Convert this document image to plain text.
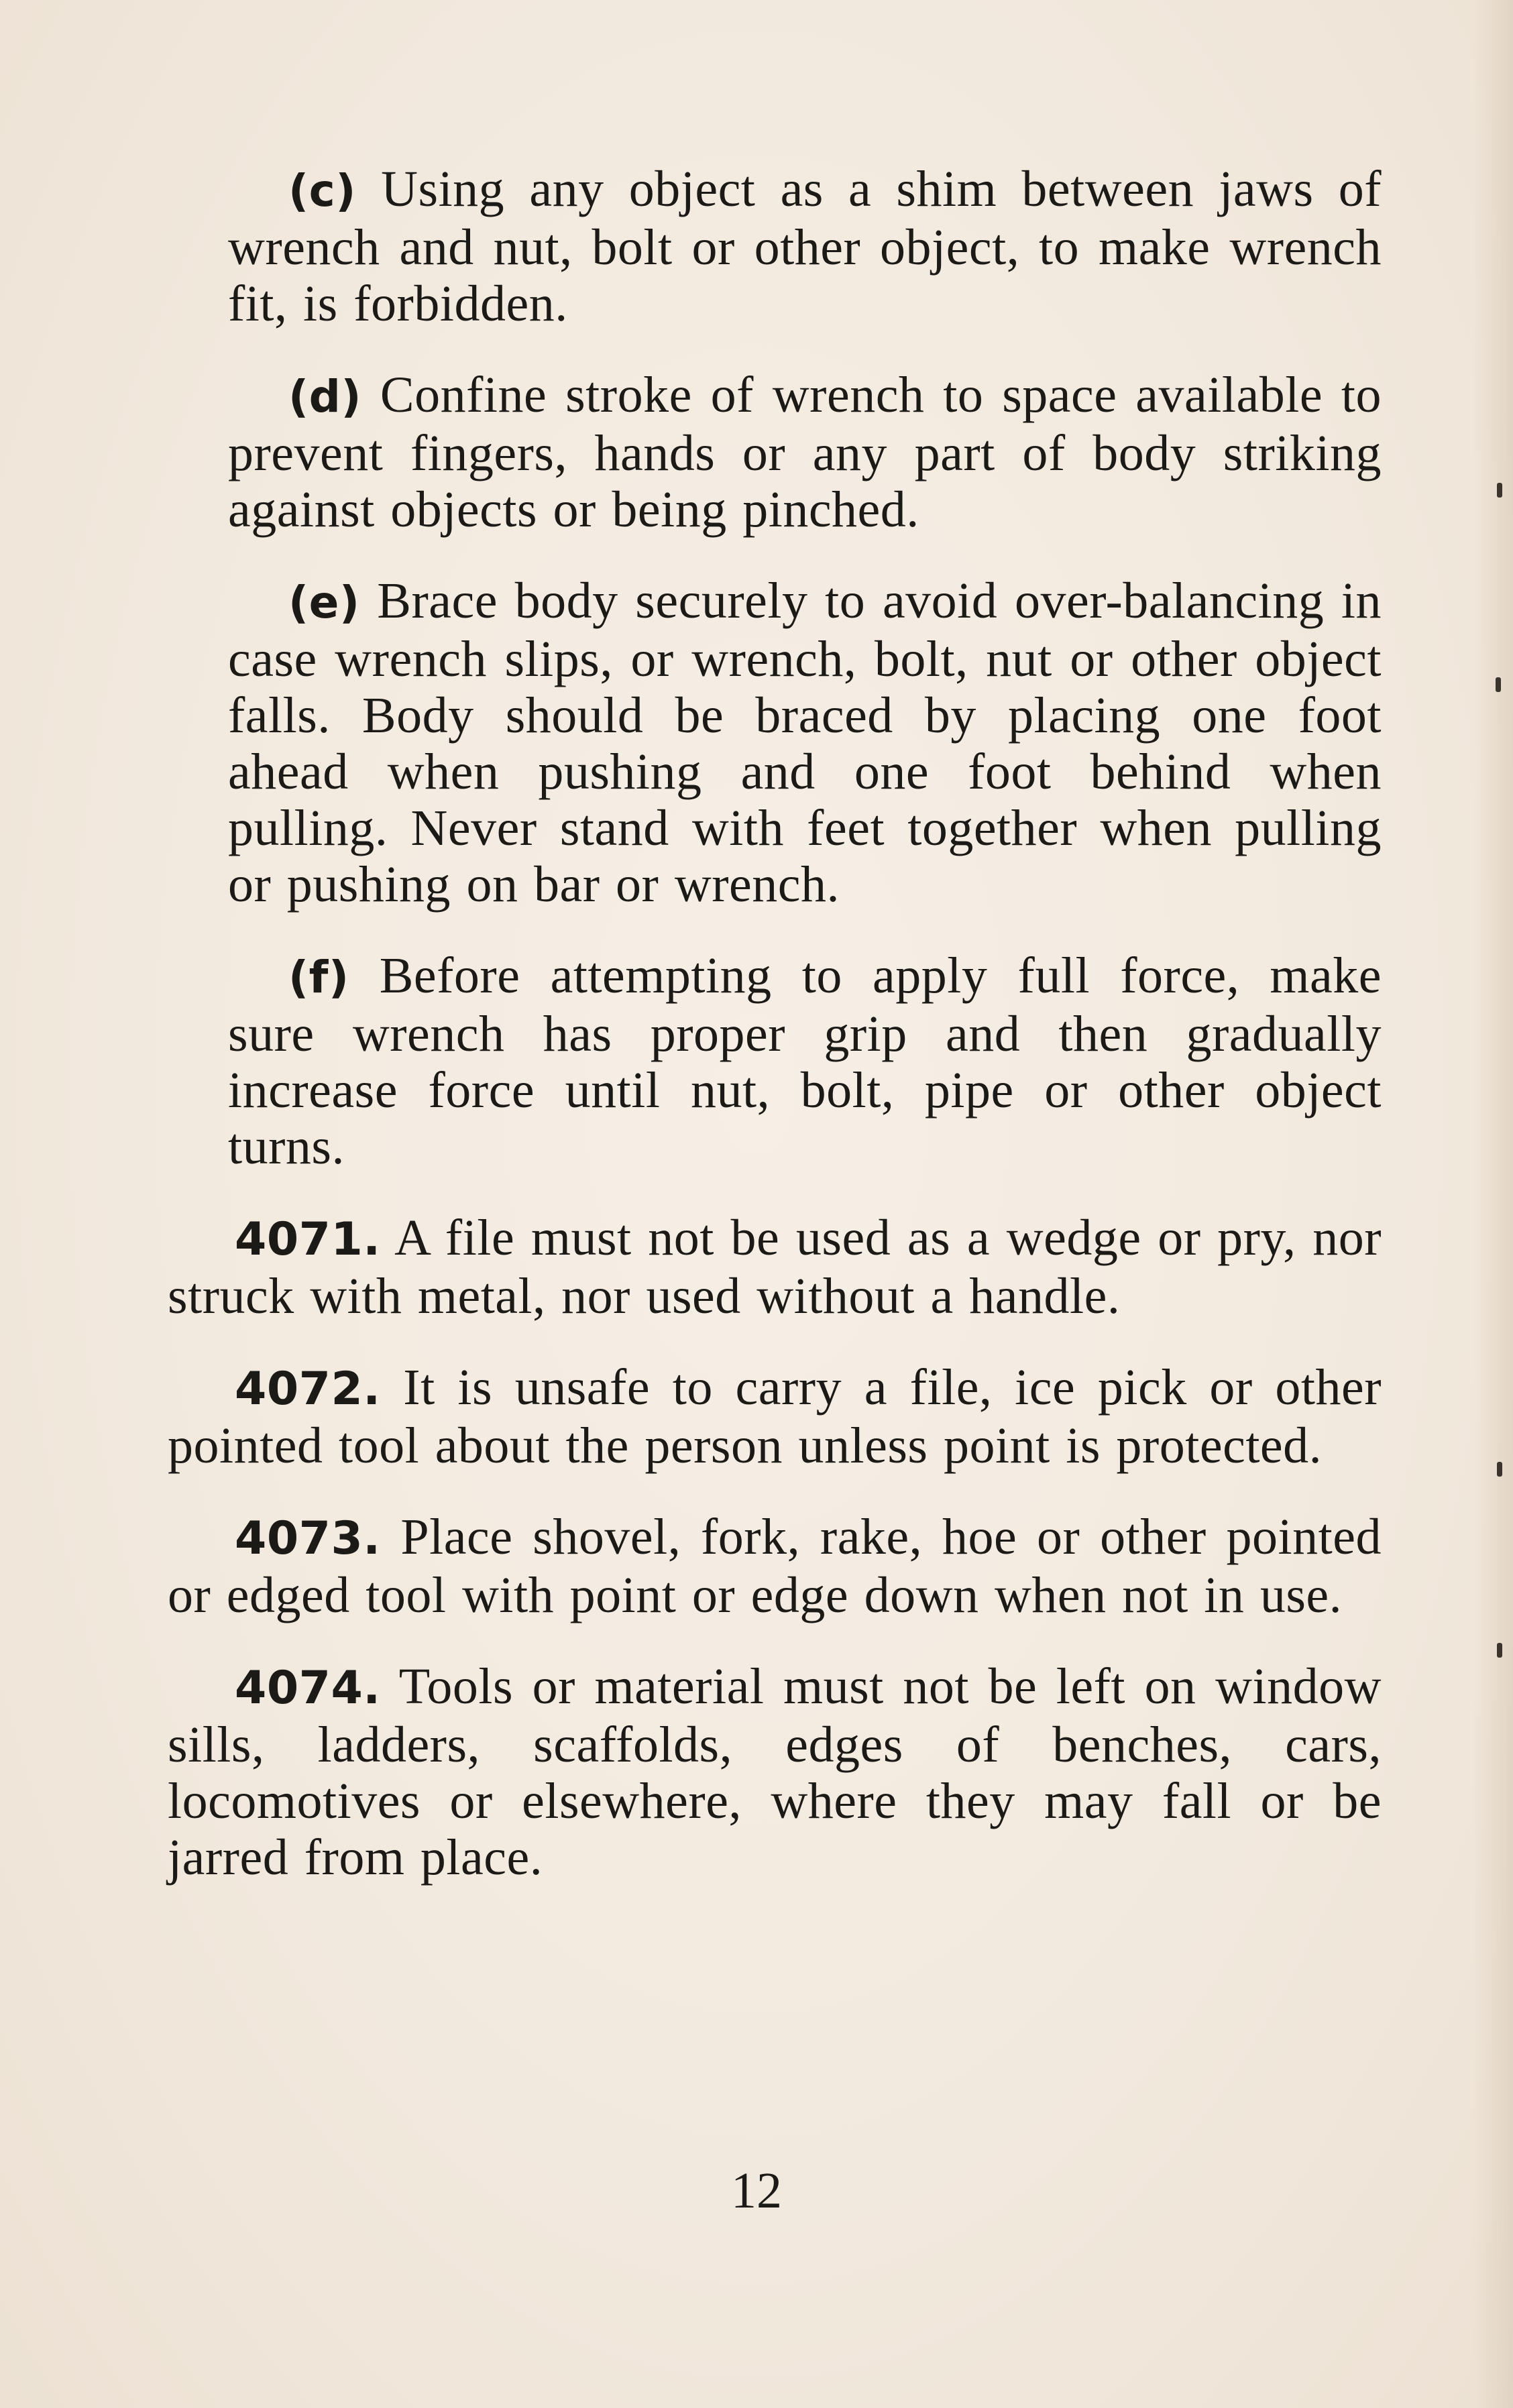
(c) Using any object as a shim between jaws of wrench and nut, bolt or other object, to make wrench fit, is forbidden.

(d) Confine stroke of wrench to space available to prevent fingers, hands or any part of body striking against objects or being pinched.

(e) Brace body securely to avoid over-balancing in case wrench slips, or wrench, bolt, nut or other object falls. Body should be braced by placing one foot ahead when pushing and one foot behind when pulling. Never stand with feet together when pulling or pushing on bar or wrench.

(f) Before attempting to apply full force, make sure wrench has proper grip and then gradually increase force until nut, bolt, pipe or other object turns.

4071. A file must not be used as a wedge or pry, nor struck with metal, nor used without a handle.

4072. It is unsafe to carry a file, ice pick or other pointed tool about the person unless point is protected.

4073. Place shovel, fork, rake, hoe or other pointed or edged tool with point or edge down when not in use.

4074. Tools or material must not be left on window sills, ladders, scaffolds, edges of benches, cars, locomotives or elsewhere, where they may fall or be jarred from place.

12
